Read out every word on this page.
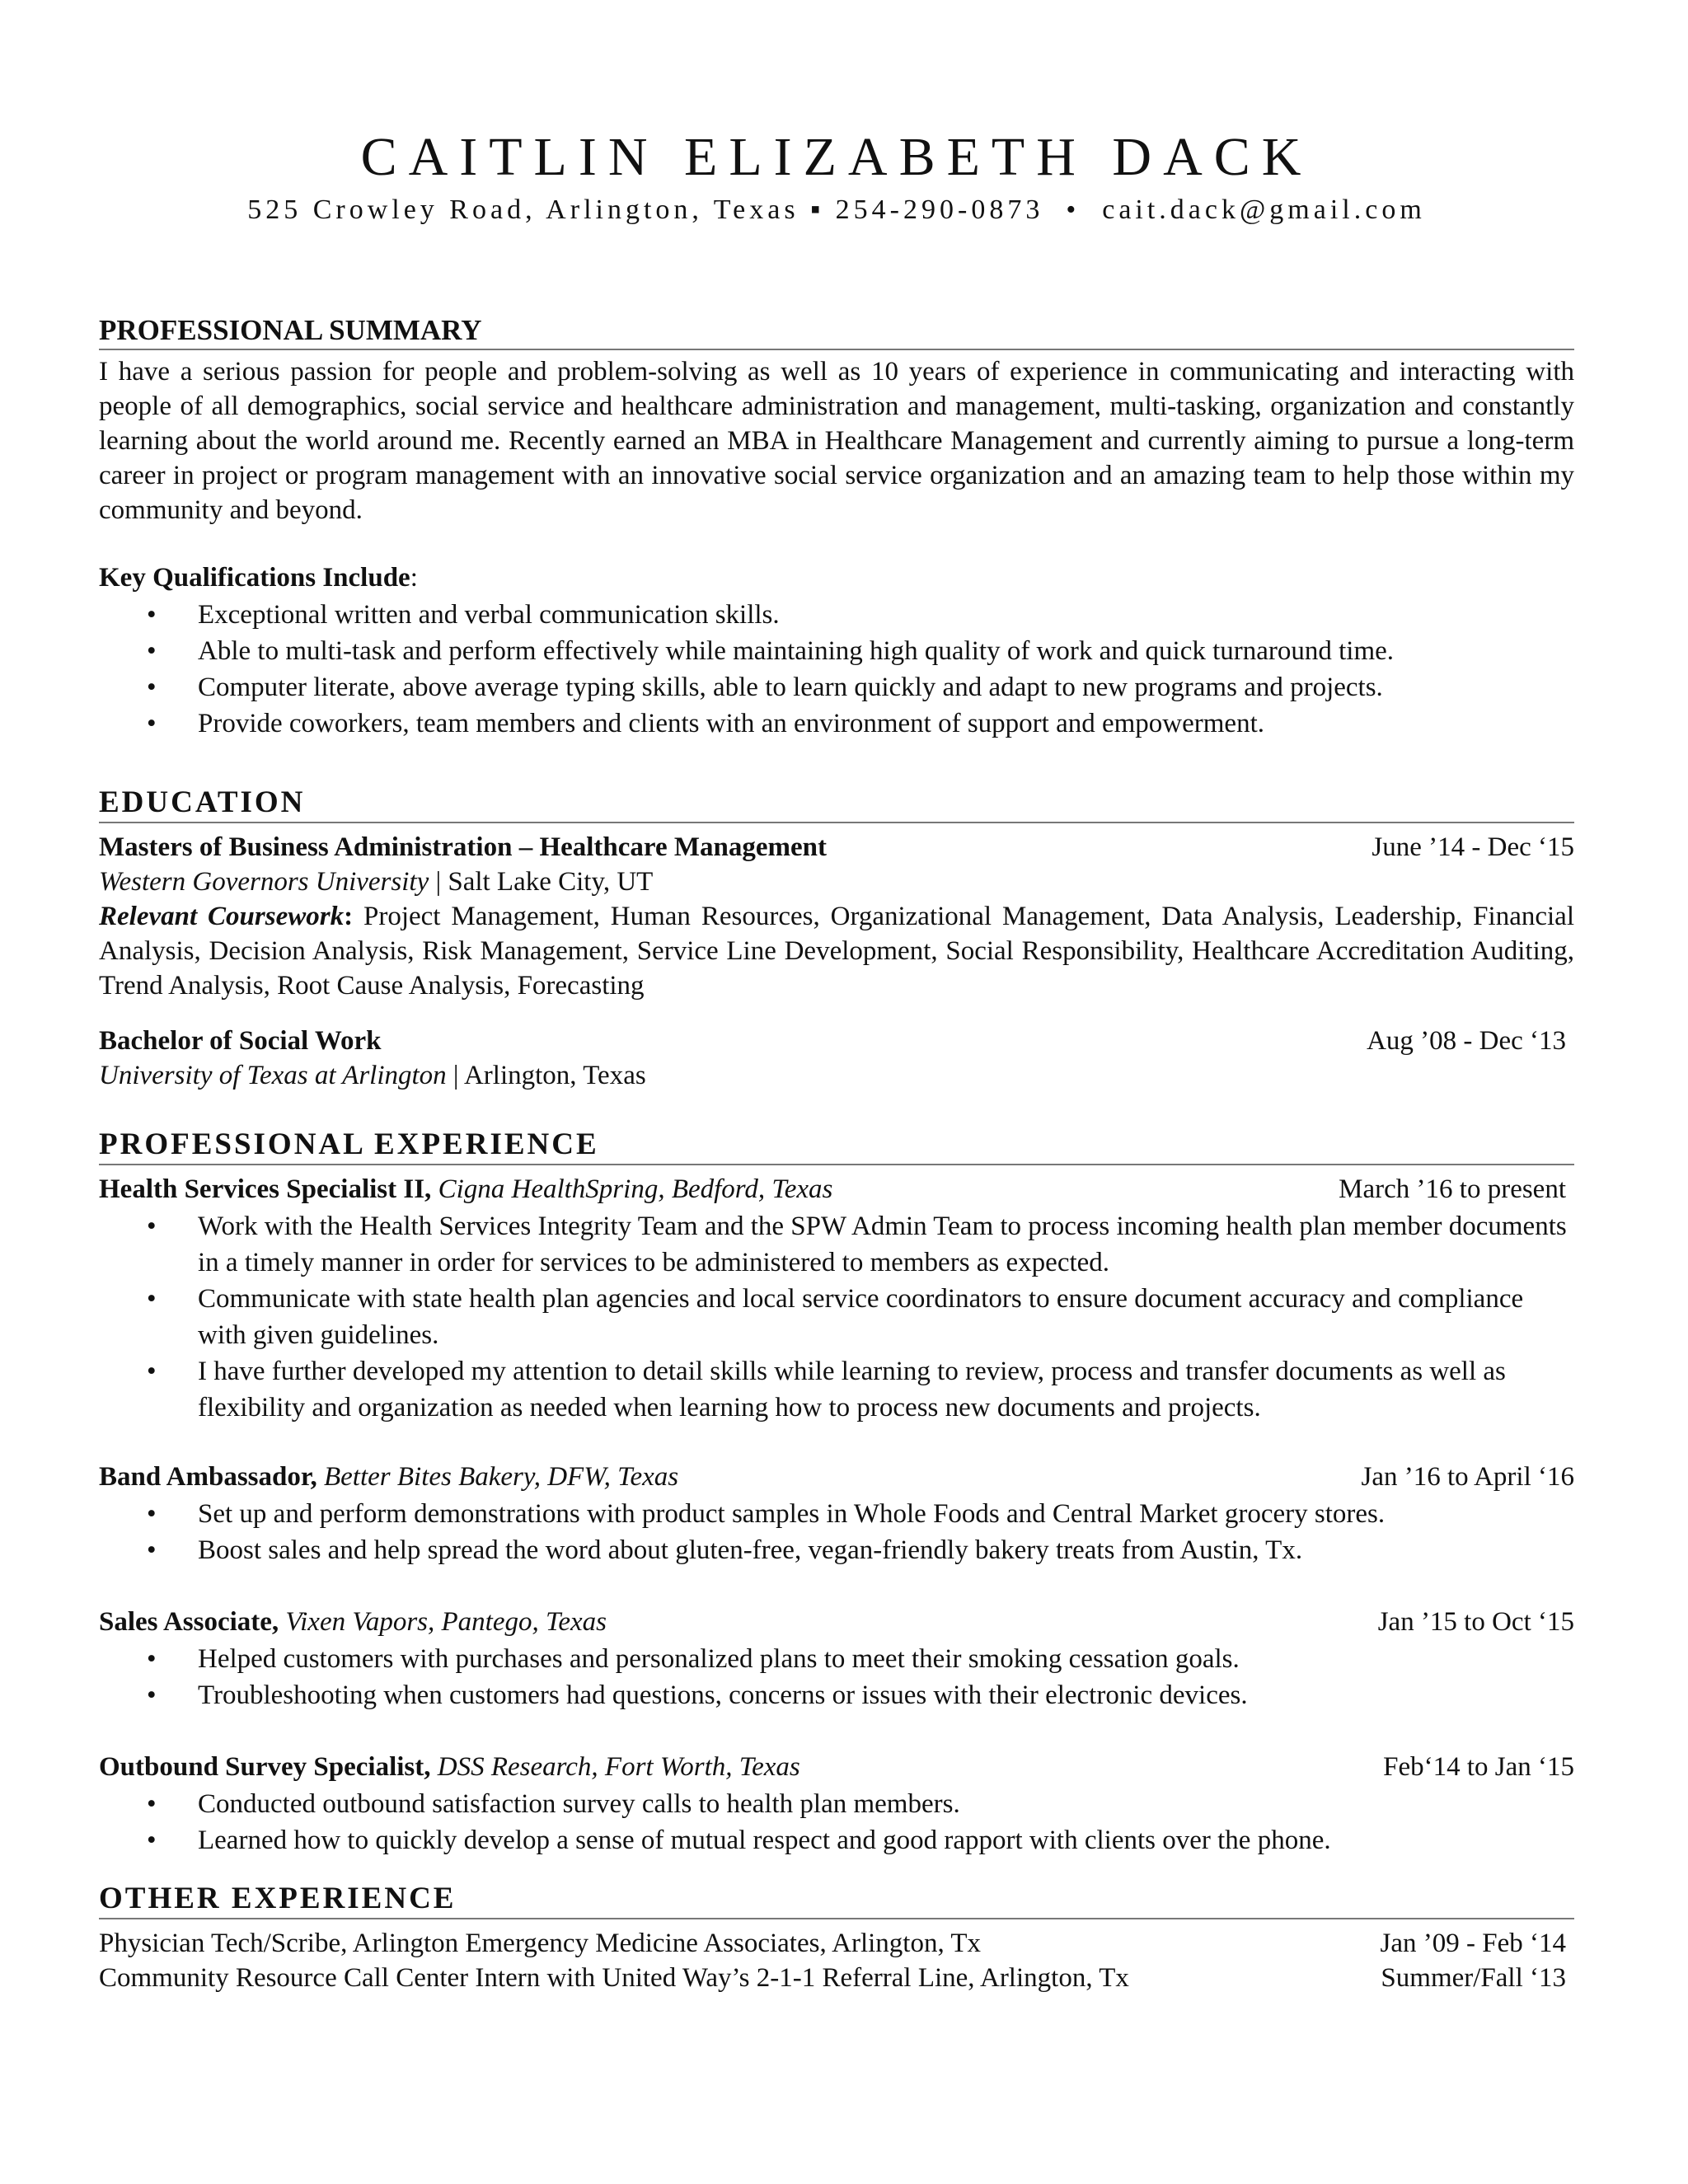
CAITLIN ELIZABETH DACK
525 Crowley Road, Arlington, Texas ▪ 254-290-0873  •  cait.dack@gmail.com
PROFESSIONAL SUMMARY
I have a serious passion for people and problem-solving as well as 10 years of experience in communicating and interacting with people of all demographics, social service and healthcare administration and management, multi-tasking, organization and constantly learning about the world around me. Recently earned an MBA in Healthcare Management and currently aiming to pursue a long-term career in project or program management with an innovative social service organization and an amazing team to help those within my community and beyond.
Key Qualifications Include:
• Exceptional written and verbal communication skills.
• Able to multi-task and perform effectively while maintaining high quality of work and quick turnaround time.
• Computer literate, above average typing skills, able to learn quickly and adapt to new programs and projects.
• Provide coworkers, team members and clients with an environment of support and empowerment.
EDUCATION
Masters of Business Administration – Healthcare Management	June ’14 - Dec ‘15
Western Governors University | Salt Lake City, UT
Relevant Coursework: Project Management, Human Resources, Organizational Management, Data Analysis, Leadership, Financial Analysis, Decision Analysis, Risk Management, Service Line Development, Social Responsibility, Healthcare Accreditation Auditing, Trend Analysis, Root Cause Analysis, Forecasting
Bachelor of Social Work	Aug ’08 - Dec ‘13
University of Texas at Arlington | Arlington, Texas
PROFESSIONAL EXPERIENCE
Health Services Specialist II, Cigna HealthSpring, Bedford, Texas	March ’16 to present
• Work with the Health Services Integrity Team and the SPW Admin Team to process incoming health plan member documents in a timely manner in order for services to be administered to members as expected.
• Communicate with state health plan agencies and local service coordinators to ensure document accuracy and compliance with given guidelines.
• I have further developed my attention to detail skills while learning to review, process and transfer documents as well as flexibility and organization as needed when learning how to process new documents and projects.
Band Ambassador, Better Bites Bakery, DFW, Texas	Jan ’16 to April ‘16
• Set up and perform demonstrations with product samples in Whole Foods and Central Market grocery stores.
• Boost sales and help spread the word about gluten-free, vegan-friendly bakery treats from Austin, Tx.
Sales Associate, Vixen Vapors, Pantego, Texas	Jan ’15 to Oct ‘15
• Helped customers with purchases and personalized plans to meet their smoking cessation goals.
• Troubleshooting when customers had questions, concerns or issues with their electronic devices.
Outbound Survey Specialist, DSS Research, Fort Worth, Texas	Feb‘14 to Jan ‘15
• Conducted outbound satisfaction survey calls to health plan members.
• Learned how to quickly develop a sense of mutual respect and good rapport with clients over the phone.
OTHER EXPERIENCE
Physician Tech/Scribe, Arlington Emergency Medicine Associates, Arlington, Tx	Jan ’09 - Feb ‘14
Community Resource Call Center Intern with United Way’s 2-1-1 Referral Line, Arlington, Tx	Summer/Fall ‘13
